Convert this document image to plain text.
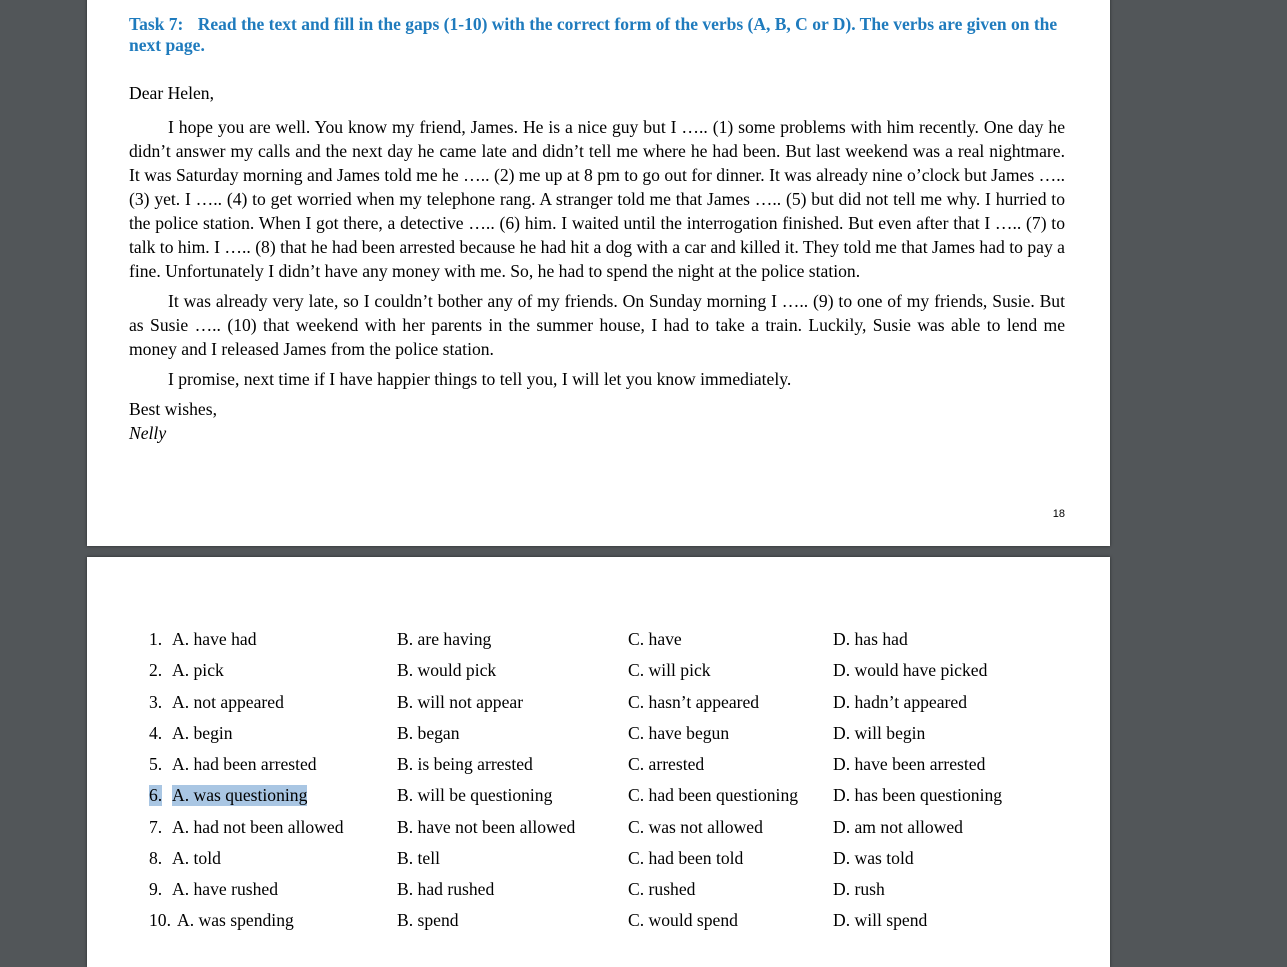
Task 7: Read the text and fill in the gaps (1-10) with the correct form of the verbs (A, B, C or D). The verbs are given on the next page.

Dear Helen,

I hope you are well. You know my friend, James. He is a nice guy but I ….. (1) some problems with him recently. One day he didn’t answer my calls and the next day he came late and didn’t tell me where he had been. But last weekend was a real nightmare. It was Saturday morning and James told me he ….. (2) me up at 8 pm to go out for dinner. It was already nine o’clock but James ….. (3) yet. I ….. (4) to get worried when my telephone rang. A stranger told me that James ….. (5) but did not tell me why. I hurried to the police station. When I got there, a detective ….. (6) him. I waited until the interrogation finished. But even after that I ….. (7) to talk to him. I ….. (8) that he had been arrested because he had hit a dog with a car and killed it. They told me that James had to pay a fine. Unfortunately I didn’t have any money with me. So, he had to spend the night at the police station.

It was already very late, so I couldn’t bother any of my friends. On Sunday morning I ….. (9) to one of my friends, Susie. But as Susie ….. (10) that weekend with her parents in the summer house, I had to take a train. Luckily, Susie was able to lend me money and I released James from the police station.

I promise, next time if I have happier things to tell you, I will let you know immediately.

Best wishes,

Nelly

18
1. A. have had	B. are having	C. have	D. has had
2. A. pick	B. would pick	C. will pick	D. would have picked
3. A. not appeared	B. will not appear	C. hasn’t appeared	D. hadn’t appeared
4. A. begin	B. began	C. have begun	D. will begin
5. A. had been arrested	B. is being arrested	C. arrested	D. have been arrested
6. A. was questioning	B. will be questioning	C. had been questioning D. has been questioning
7. A. had not been allowed	B. have not been allowed	C. was not allowed	D. am not allowed
8. A. told	B. tell	C. had been told	D. was told
9. A. have rushed	B. had rushed	C. rushed	D. rush
10. A. was spending	B. spend	C. would spend	D. will spend
